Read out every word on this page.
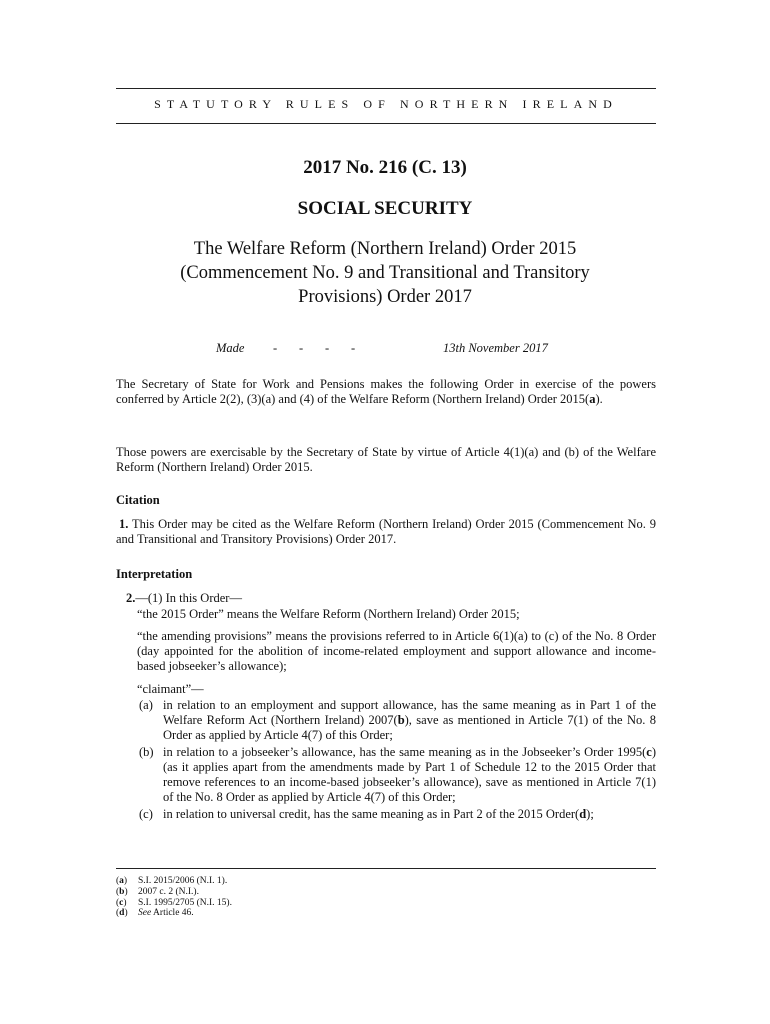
STATUTORY RULES OF NORTHERN IRELAND
2017 No. 216 (C. 13)
SOCIAL SECURITY
The Welfare Reform (Northern Ireland) Order 2015
(Commencement No. 9 and Transitional and Transitory
Provisions) Order 2017
Made - - - -	13th November 2017
The Secretary of State for Work and Pensions makes the following Order in exercise of the powers conferred by Article 2(2), (3)(a) and (4) of the Welfare Reform (Northern Ireland) Order 2015(a).
Those powers are exercisable by the Secretary of State by virtue of Article 4(1)(a) and (b) of the Welfare Reform (Northern Ireland) Order 2015.
Citation
1. This Order may be cited as the Welfare Reform (Northern Ireland) Order 2015 (Commencement No. 9 and Transitional and Transitory Provisions) Order 2017.
Interpretation
2.—(1) In this Order—
“the 2015 Order” means the Welfare Reform (Northern Ireland) Order 2015;
“the amending provisions” means the provisions referred to in Article 6(1)(a) to (c) of the No. 8 Order (day appointed for the abolition of income-related employment and support allowance and income-based jobseeker’s allowance);
“claimant”—
(a) in relation to an employment and support allowance, has the same meaning as in Part 1 of the Welfare Reform Act (Northern Ireland) 2007(b), save as mentioned in Article 7(1) of the No. 8 Order as applied by Article 4(7) of this Order;
(b) in relation to a jobseeker’s allowance, has the same meaning as in the Jobseeker’s Order 1995(c) (as it applies apart from the amendments made by Part 1 of Schedule 12 to the 2015 Order that remove references to an income-based jobseeker’s allowance), save as mentioned in Article 7(1) of the No. 8 Order as applied by Article 4(7) of this Order;
(c) in relation to universal credit, has the same meaning as in Part 2 of the 2015 Order(d);
( a ) S.I. 2015/2006 (N.I. 1).
( b ) 2007 c. 2 (N.I.).
( c ) S.I. 1995/2705 (N.I. 15).
( d ) See Article 46.
